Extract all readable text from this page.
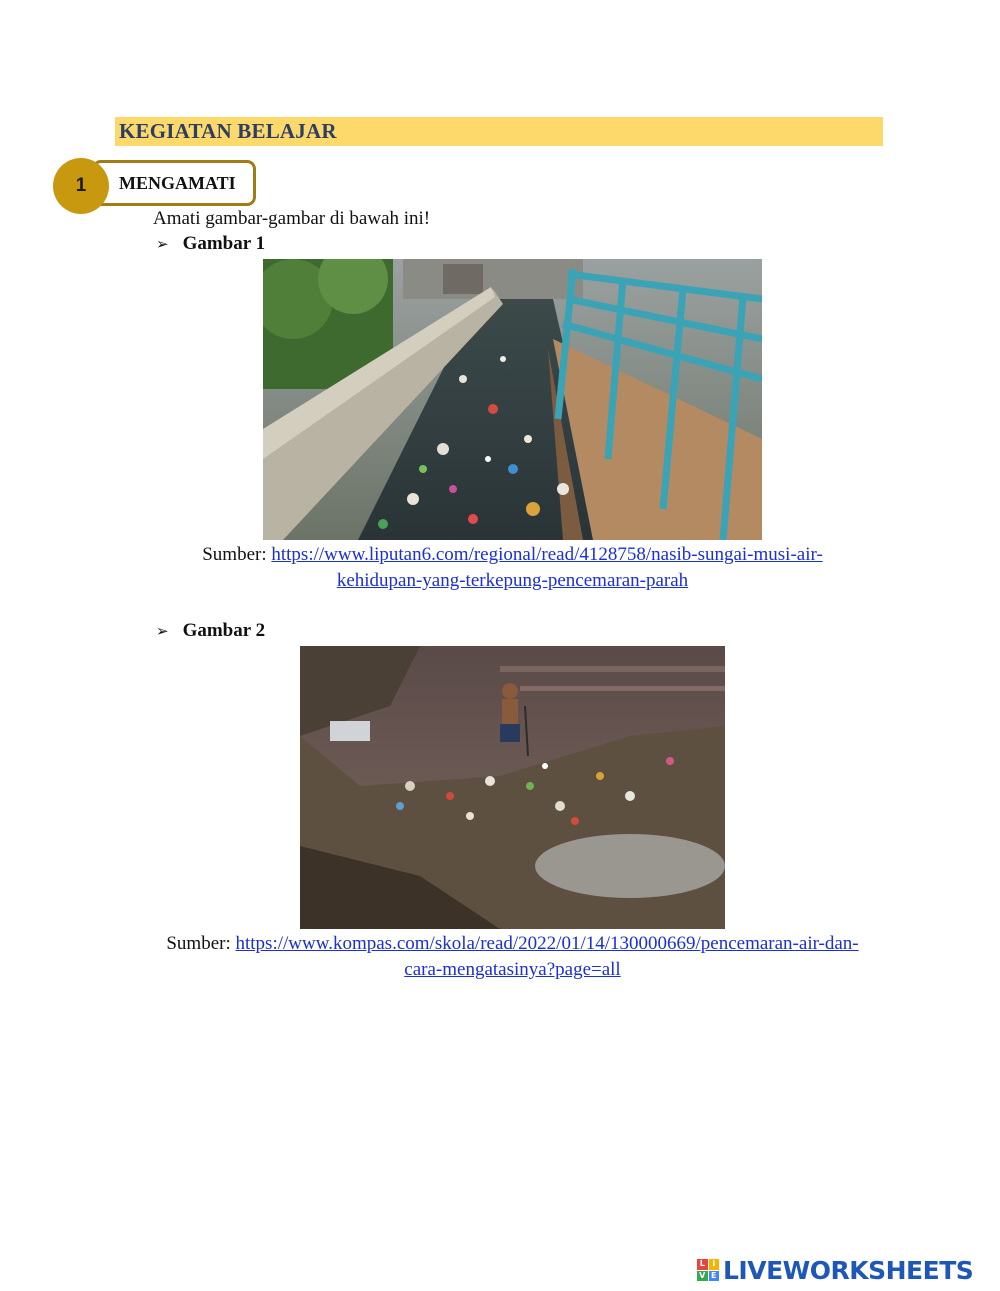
KEGIATAN BELAJAR
MENGAMATI
1
Amati gambar-gambar di bawah ini!
➢ Gambar 1
Sumber: https://www.liputan6.com/regional/read/4128758/nasib-sungai-musi-air-
kehidupan-yang-terkepung-pencemaran-parah
➢ Gambar 2
Sumber: https://www.kompas.com/skola/read/2022/01/14/130000669/pencemaran-air-dan-
cara-mengatasinya?page=all
L I
V E LIVEWORKSHEETS
